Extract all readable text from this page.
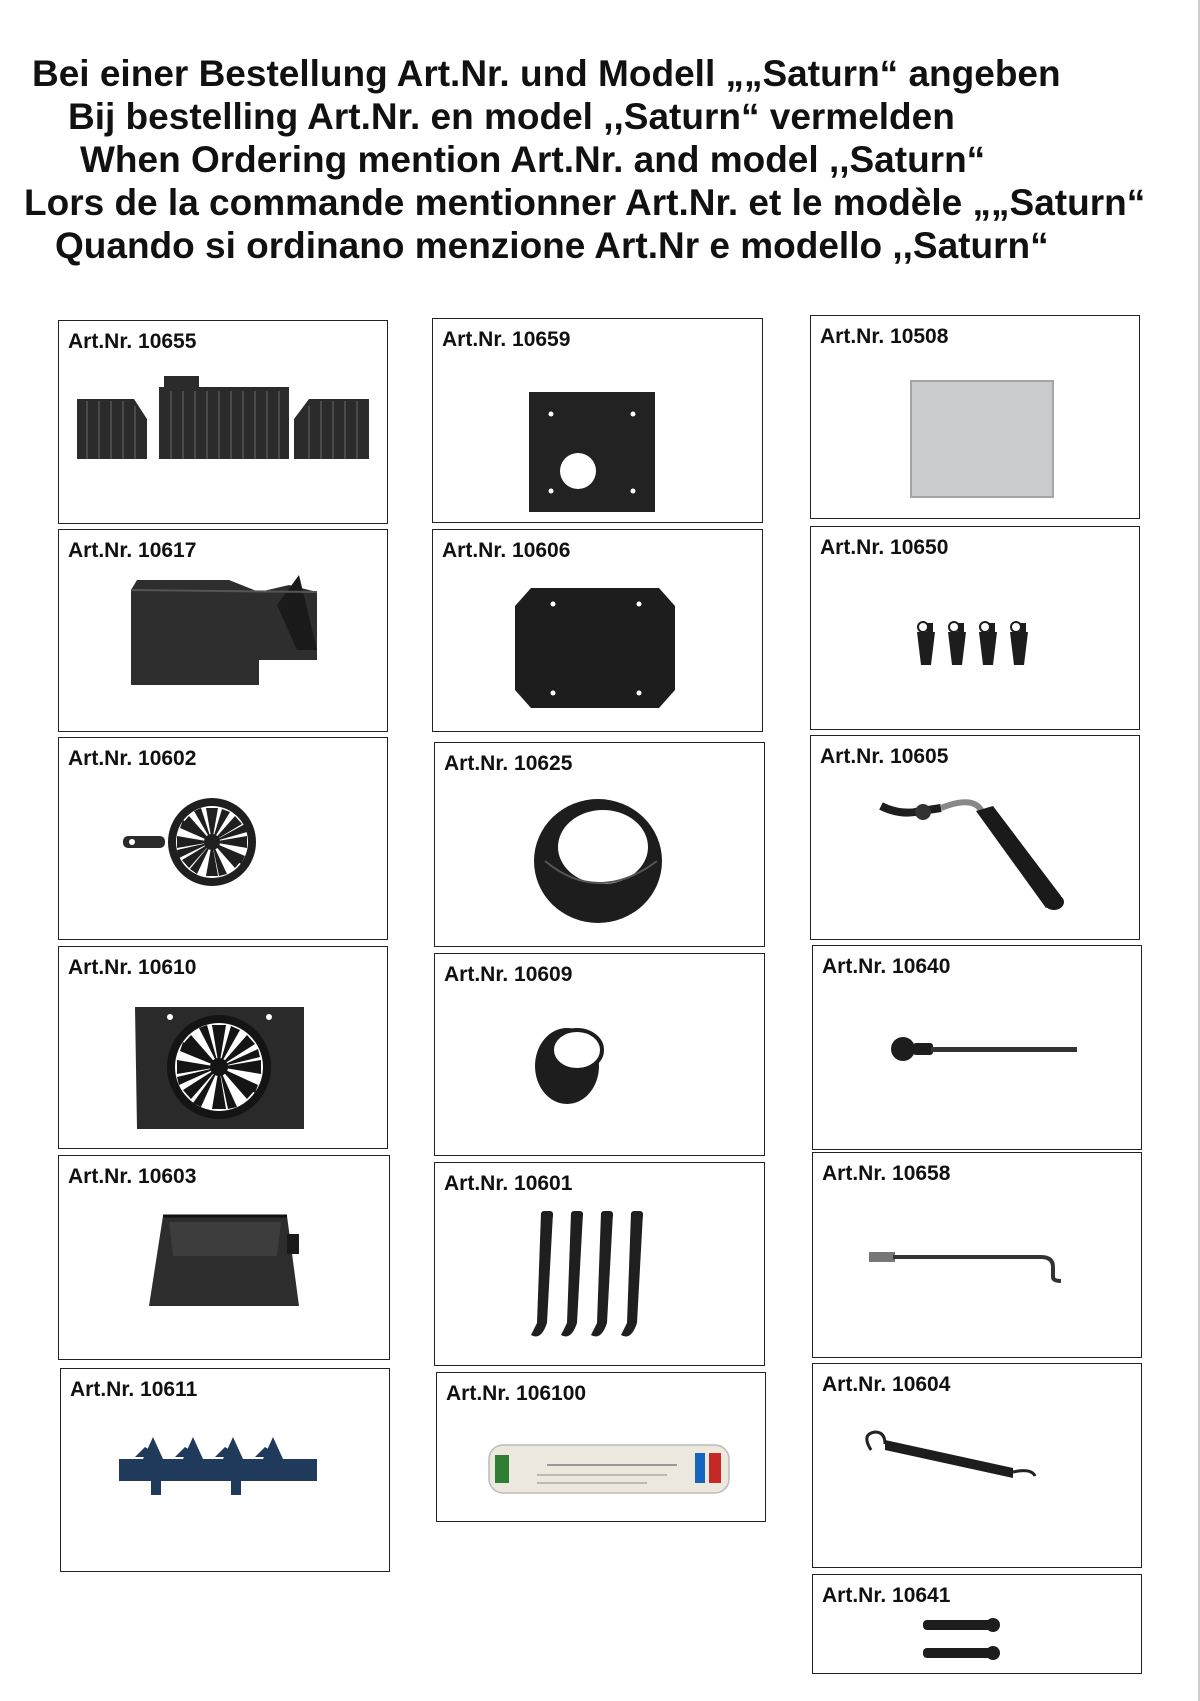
Bei einer Bestellung Art.Nr. und Modell „„Saturn“ angeben
Bij bestelling Art.Nr. en model ,,Saturn“ vermelden
When Ordering mention Art.Nr. and model ,,Saturn“
Lors de la commande mentionner Art.Nr. et le modèle „„Saturn“
Quando si ordinano menzione Art.Nr e modello ,,Saturn“
Art.Nr. 10655
Art.Nr. 10617
Art.Nr. 10602
Art.Nr. 10610
Art.Nr. 10603
Art.Nr. 10611
Art.Nr. 10659
Art.Nr. 10606
Art.Nr. 10625
Art.Nr. 10609
Art.Nr. 10601
Art.Nr. 106100
Art.Nr. 10508
Art.Nr. 10650
Art.Nr. 10605
Art.Nr. 10640
Art.Nr. 10658
Art.Nr. 10604
Art.Nr. 10641
